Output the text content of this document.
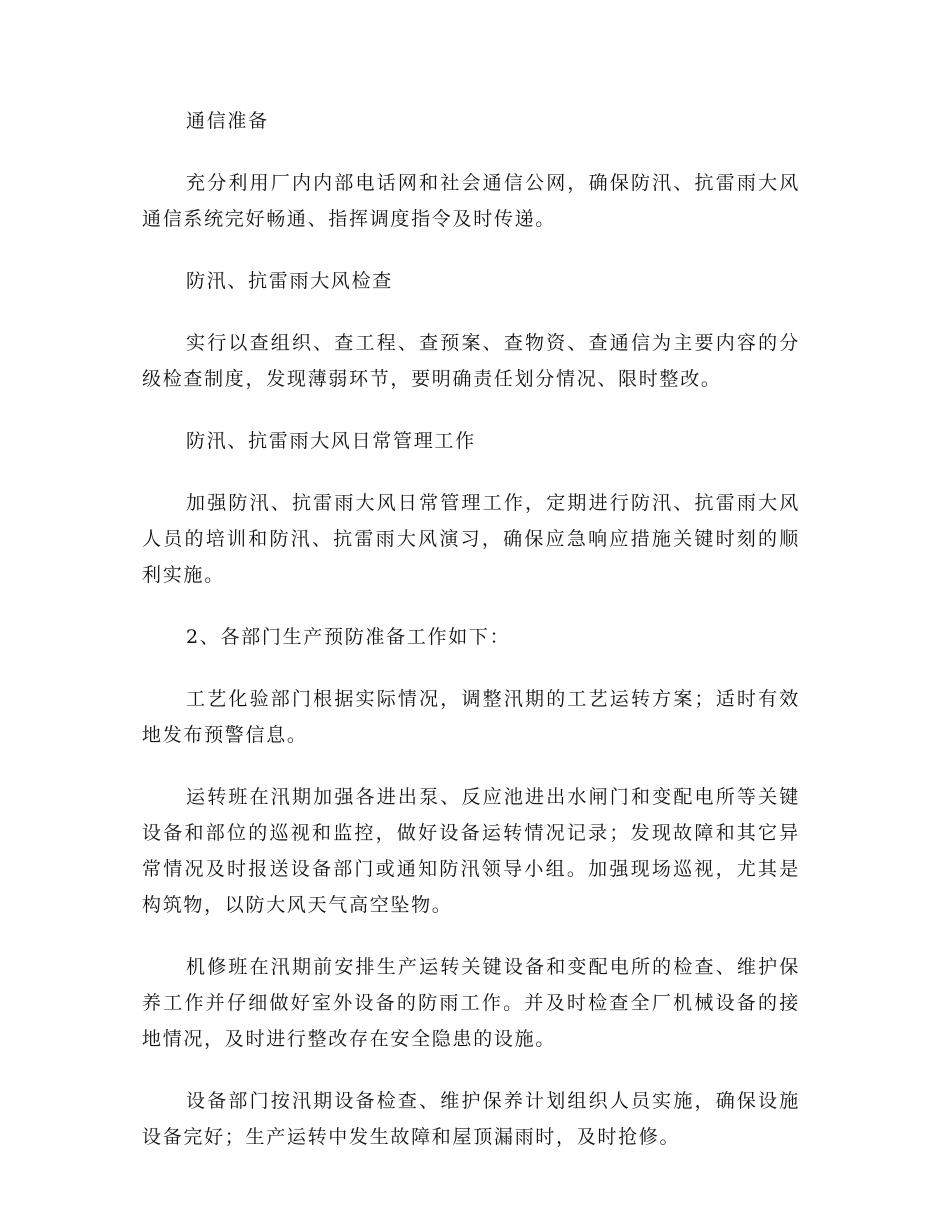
通信准备

充分利用厂内内部电话网和社会通信公网，确保防汛、抗雷雨大风通信系统完好畅通、指挥调度指令及时传递。

防汛、抗雷雨大风检查

实行以查组织、查工程、查预案、查物资、查通信为主要内容的分级检查制度，发现薄弱环节，要明确责任划分情况、限时整改。

防汛、抗雷雨大风日常管理工作

加强防汛、抗雷雨大风日常管理工作，定期进行防汛、抗雷雨大风人员的培训和防汛、抗雷雨大风演习，确保应急响应措施关键时刻的顺利实施。

2、各部门生产预防准备工作如下：

工艺化验部门根据实际情况，调整汛期的工艺运转方案；适时有效地发布预警信息。

运转班在汛期加强各进出泵、反应池进出水闸门和变配电所等关键设备和部位的巡视和监控，做好设备运转情况记录；发现故障和其它异常情况及时报送设备部门或通知防汛领导小组。加强现场巡视，尤其是构筑物，以防大风天气高空坠物。

机修班在汛期前安排生产运转关键设备和变配电所的检查、维护保养工作并仔细做好室外设备的防雨工作。并及时检查全厂机械设备的接地情况，及时进行整改存在安全隐患的设施。

设备部门按汛期设备检查、维护保养计划组织人员实施，确保设施设备完好；生产运转中发生故障和屋顶漏雨时，及时抢修。
